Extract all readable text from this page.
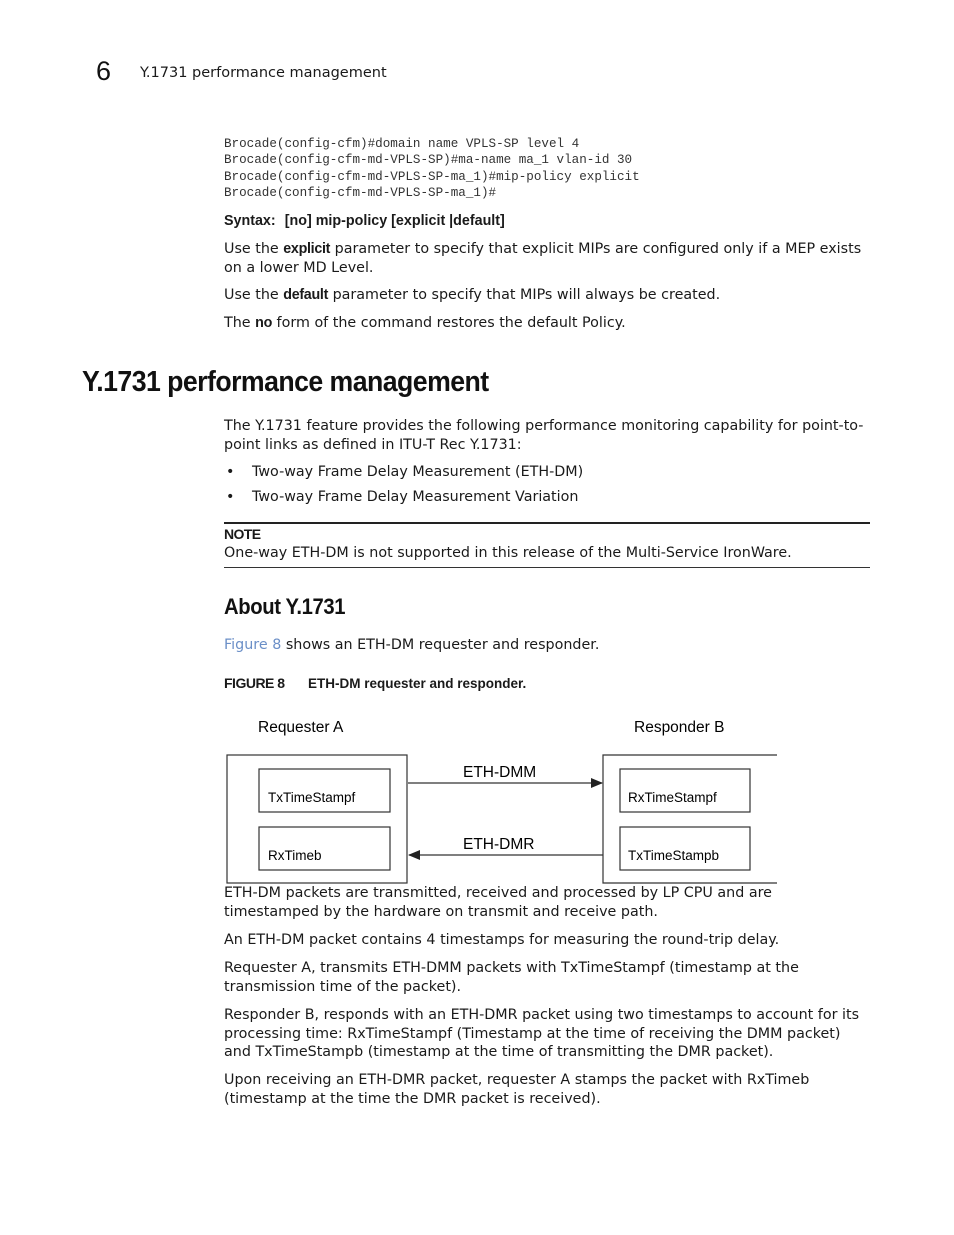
6 Y.1731 performance management
Brocade(config-cfm)#domain name VPLS-SP level 4
Brocade(config-cfm-md-VPLS-SP)#ma-name ma_1 vlan-id 30
Brocade(config-cfm-md-VPLS-SP-ma_1)#mip-policy explicit
Brocade(config-cfm-md-VPLS-SP-ma_1)#
Syntax: [no] mip-policy [explicit |default]
Use the explicit parameter to specify that explicit MIPs are configured only if a MEP exists on a lower MD Level.
Use the default parameter to specify that MIPs will always be created.
The no form of the command restores the default Policy.
Y.1731 performance management
The Y.1731 feature provides the following performance monitoring capability for point-to-point links as defined in ITU-T Rec Y.1731:
• Two-way Frame Delay Measurement (ETH-DM)
• Two-way Frame Delay Measurement Variation
NOTE
One-way ETH-DM is not supported in this release of the Multi-Service IronWare.
About Y.1731
Figure 8 shows an ETH-DM requester and responder.
FIGURE 8 ETH-DM requester and responder.
Requester A	Responder B
TxTimeStampf
RxTimeb
RxTimeStampf
TxTimeStampb
ETH-DMM
ETH-DMR
ETH-DM packets are transmitted, received and processed by LP CPU and are timestamped by the hardware on transmit and receive path.
An ETH-DM packet contains 4 timestamps for measuring the round-trip delay.
Requester A, transmits ETH-DMM packets with TxTimeStampf (timestamp at the transmission time of the packet).
Responder B, responds with an ETH-DMR packet using two timestamps to account for its processing time: RxTimeStampf (Timestamp at the time of receiving the DMM packet) and TxTimeStampb (timestamp at the time of transmitting the DMR packet).
Upon receiving an ETH-DMR packet, requester A stamps the packet with RxTimeb (timestamp at the time the DMR packet is received).
